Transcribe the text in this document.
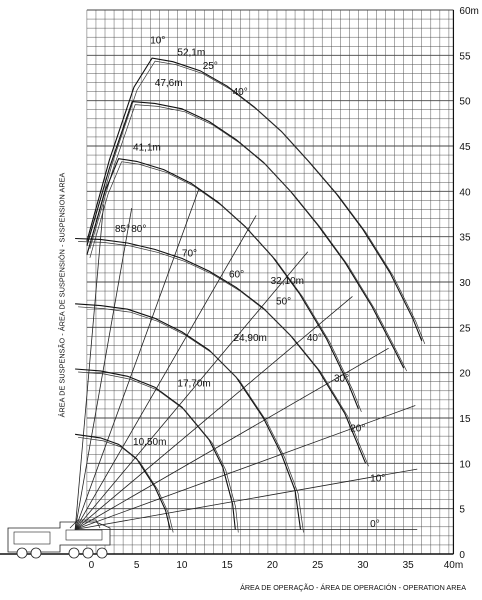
0
5
10
15
20
25
30
35
40
45
50
55
60m
0	5	10	15	20	25	30	35	40m
10,50m
17,70m
24,90m
32,10m
41,1m
47,6m
52,1m
0°
10°
20°
30°
40°
50°
60°
70°
80°
85°
10°
25°
40°
ÁREA DE SUSPENSÃO - ÁREA DE SUSPENSIÓN - SUSPENSION AREA
ÁREA DE OPERAÇÃO - ÁREA DE OPERACIÓN - OPERATION AREA
